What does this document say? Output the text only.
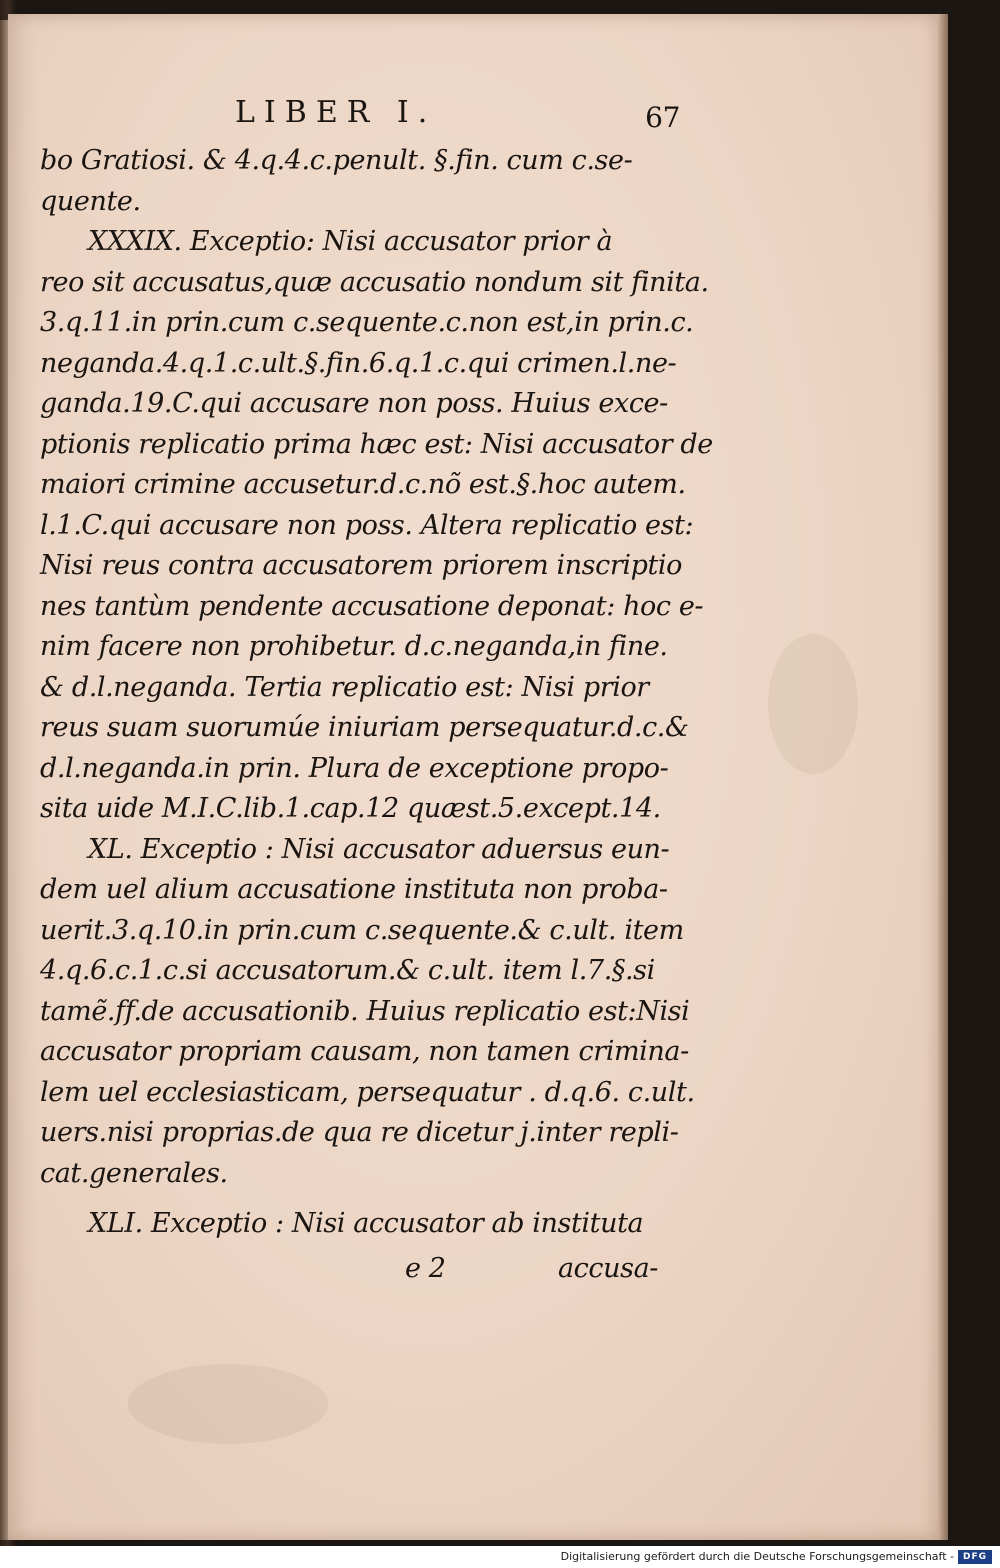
LIBER I.	67
bo Gratiosi. & 4.q.4.c.penult. §.fin. cum c.se-
quente.
XXXIX. Exceptio: Nisi accusator prior à
reo sit accusatus,quæ accusatio nondum sit finita.
3.q.11.in prin.cum c.sequente.c.non est,in prin.c.
neganda.4.q.1.c.ult.§.fin.6.q.1.c.qui crimen.l.ne-
ganda.19.C.qui accusare non poss. Huius exce-
ptionis replicatio prima hæc est: Nisi accusator de
maiori crimine accusetur.d.c.nõ est.§.hoc autem.
l.1.C.qui accusare non poss. Altera replicatio est:
Nisi reus contra accusatorem priorem inscriptio
nes tantùm pendente accusatione deponat: hoc e-
nim facere non prohibetur. d.c.neganda,in fine.
& d.l.neganda. Tertia replicatio est: Nisi prior
reus suam suorumúe iniuriam persequatur.d.c.&
d.l.neganda.in prin. Plura de exceptione propo-
sita uide M.I.C.lib.1.cap.12 quæst.5.except.14.
XL. Exceptio : Nisi accusator aduersus eun-
dem uel alium accusatione instituta non proba-
uerit.3.q.10.in prin.cum c.sequente.& c.ult. item
4.q.6.c.1.c.si accusatorum.& c.ult. item l.7.§.si
tamẽ.ff.de accusationib. Huius replicatio est:Nisi
accusator propriam causam, non tamen crimina-
lem uel ecclesiasticam, persequatur . d.q.6. c.ult.
uers.nisi proprias.de qua re dicetur j.inter repli-
cat.generales.
XLI. Exceptio : Nisi accusator ab instituta
e 2	accusa-
Digitalisierung gefördert durch die Deutsche Forschungsgemeinschaft - DFG
